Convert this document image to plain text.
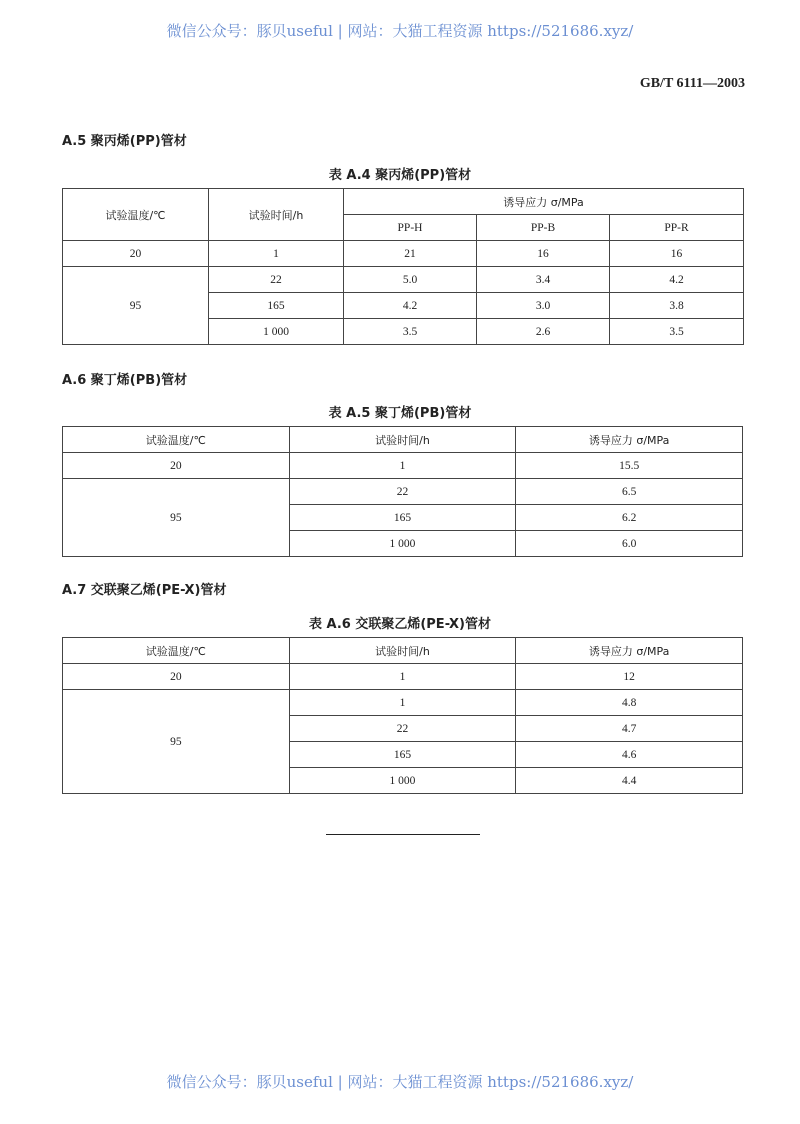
微信公众号：豚贝useful | 网站：大猫工程资源 https://521686.xyz/
GB/T 6111—2003
A.5 聚丙烯(PP)管材
表 A.4 聚丙烯(PP)管材
试验温度/℃	试验时间/h	诱导应力 σ/MPa		
		PP-H	PP-B	PP-R
20	1	21	16	16
95	22	5.0	3.4	4.2
	165	4.2	3.0	3.8
	1 000	3.5	2.6	3.5
A.6 聚丁烯(PB)管材
表 A.5 聚丁烯(PB)管材
试验温度/℃	试验时间/h	诱导应力 σ/MPa
20	1	15.5
95	22	6.5
	165	6.2
	1 000	6.0
A.7 交联聚乙烯(PE-X)管材
表 A.6 交联聚乙烯(PE-X)管材
试验温度/℃	试验时间/h	诱导应力 σ/MPa
20	1	12
95	1	4.8
	22	4.7
	165	4.6
	1 000	4.4
微信公众号：豚贝useful | 网站：大猫工程资源 https://521686.xyz/
